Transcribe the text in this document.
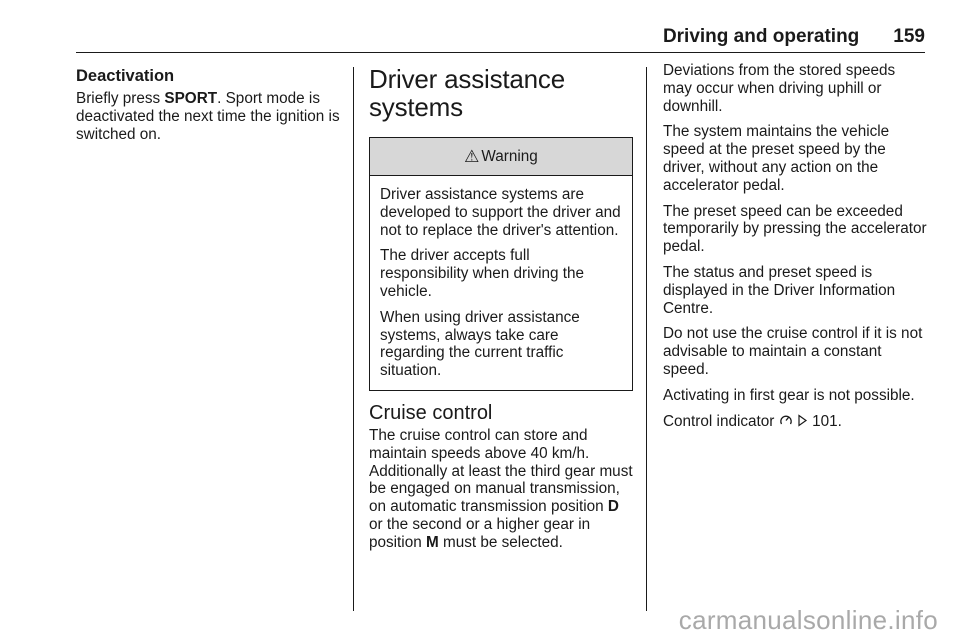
Driving and operating 159
Deactivation

Briefly press SPORT. Sport mode is deactivated the next time the ignition is switched on.

Driver assistance systems
⚠ Warning

Driver assistance systems are developed to support the driver and not to replace the driver's attention.

The driver accepts full responsibility when driving the vehicle.

When using driver assistance systems, always take care regarding the current traffic situation.

Cruise control

The cruise control can store and maintain speeds above 40 km/h.

Additionally at least the third gear must be engaged on manual transmission, on automatic transmission position D or the second or a higher gear in position M must be selected.

Deviations from the stored speeds may occur when driving uphill or downhill.

The system maintains the vehicle speed at the preset speed by the driver, without any action on the accelerator pedal.

The preset speed can be exceeded temporarily by pressing the accelerator pedal.

The status and preset speed is displayed in the Driver Information Centre.

Do not use the cruise control if it is not advisable to maintain a constant speed.

Activating in first gear is not possible.

Control indicator   101.

carmanualsonline.info
